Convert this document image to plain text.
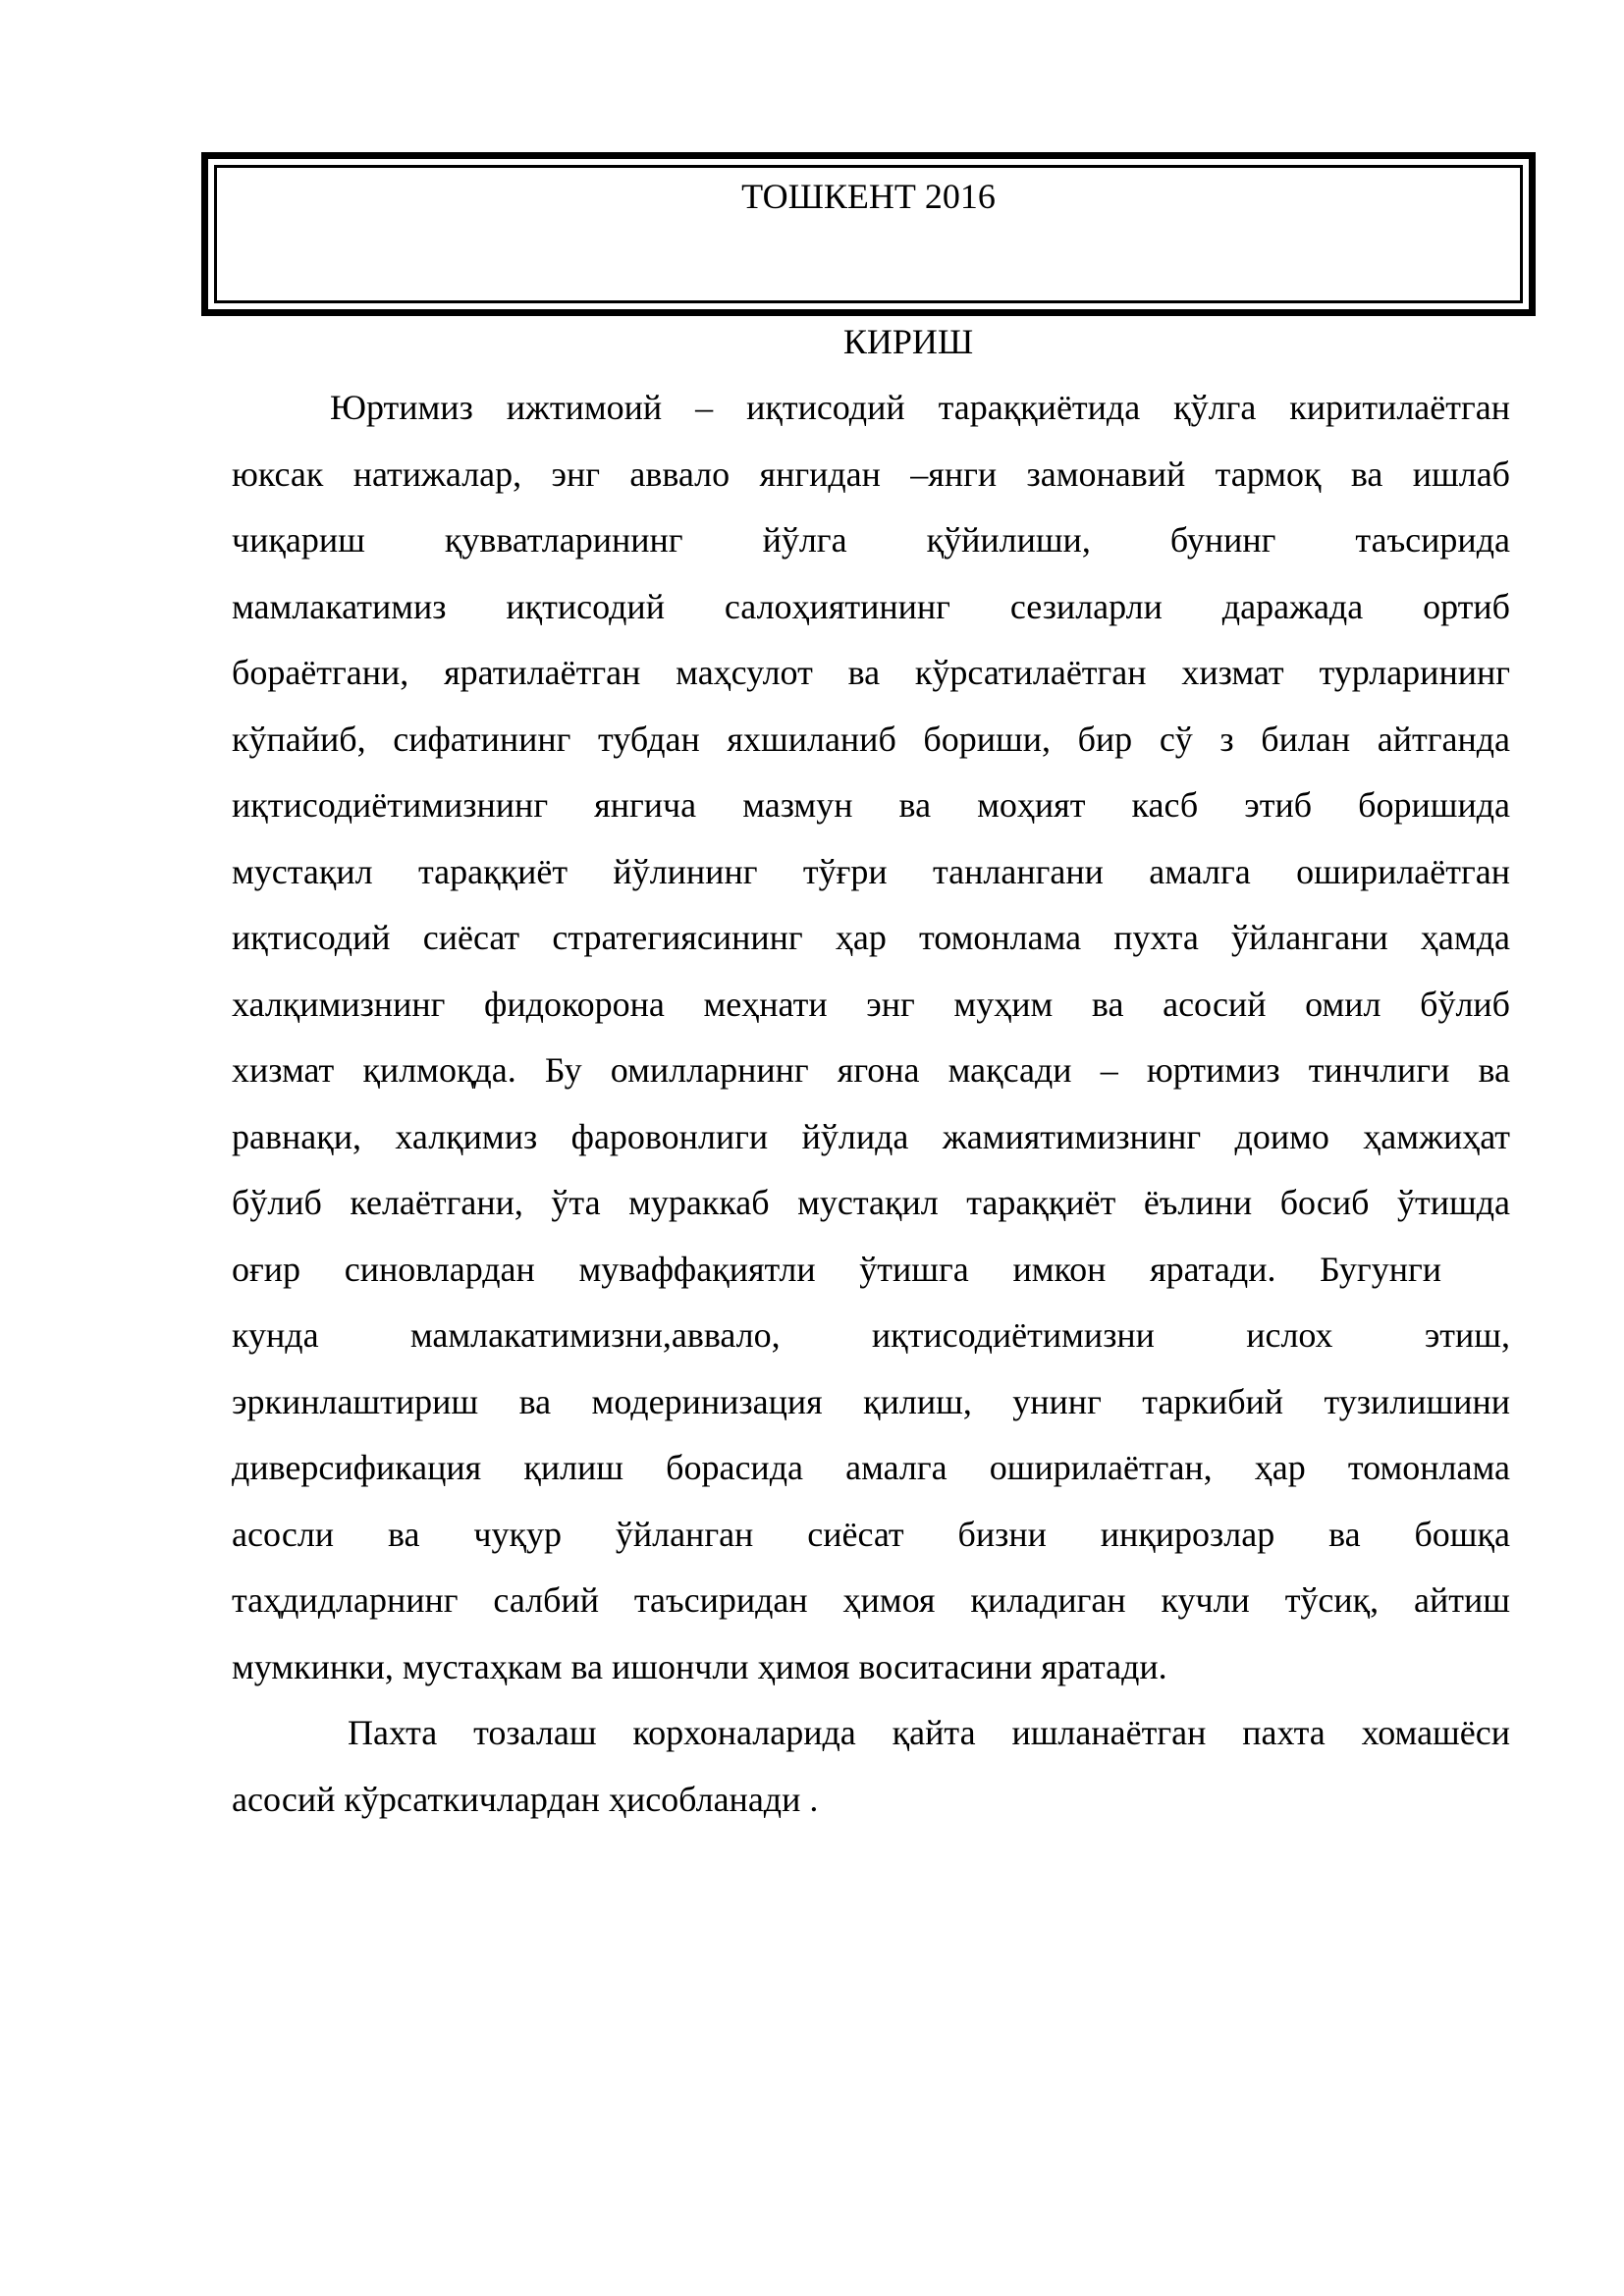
ТОШКЕНТ 2016
КИРИШ
Юртимиз ижтимоий – иқтисодий тараққиётида қўлга киритилаётган
юксак натижалар, энг аввало янгидан –янги замонавий тармоқ ва ишлаб
чиқариш қувватларининг йўлга қўйилиши, бунинг таъсирида
мамлакатимиз иқтисодий салоҳиятининг сезиларли даражада ортиб
бораётгани, яратилаётган маҳсулот ва кўрсатилаётган хизмат турларининг
кўпайиб, сифатининг тубдан яхшиланиб бориши, бир сў з билан айтганда
иқтисодиётимизнинг янгича мазмун ва моҳият касб этиб боришида
мустақил тараққиёт йўлининг тўғри танлангани амалга оширилаётган
иқтисодий сиёсат стратегиясининг ҳар томонлама пухта ўйлангани ҳамда
халқимизнинг фидокорона меҳнати энг муҳим ва асосий омил бўлиб
хизмат қилмоқда. Бу омилларнинг ягона мақсади – юртимиз тинчлиги ва
равнақи, халқимиз фаровонлиги йўлида жамиятимизнинг доимо ҳамжиҳат
бўлиб келаётгани, ўта мураккаб мустақил тараққиёт ёълини босиб ўтишда
оғир синовлардан муваффақиятли ўтишга имкон яратади. Бугунги
кунда мамлакатимизни,аввало, иқтисодиётимизни ислох этиш,
эркинлаштириш ва модеринизация қилиш, унинг таркибий тузилишини
диверсификация қилиш борасида амалга оширилаётган, ҳар томонлама
асосли ва чуқур ўйланган сиёсат бизни инқирозлар ва бошқа
таҳдидларнинг салбий таъсиридан ҳимоя қиладиган кучли тўсиқ, айтиш
мумкинки, мустаҳкам ва ишончли ҳимоя воситасини яратади.
Пахта тозалаш корхоналарида қайта ишланаётган пахта хомашёси
асосий кўрсаткичлардан ҳисобланади .
